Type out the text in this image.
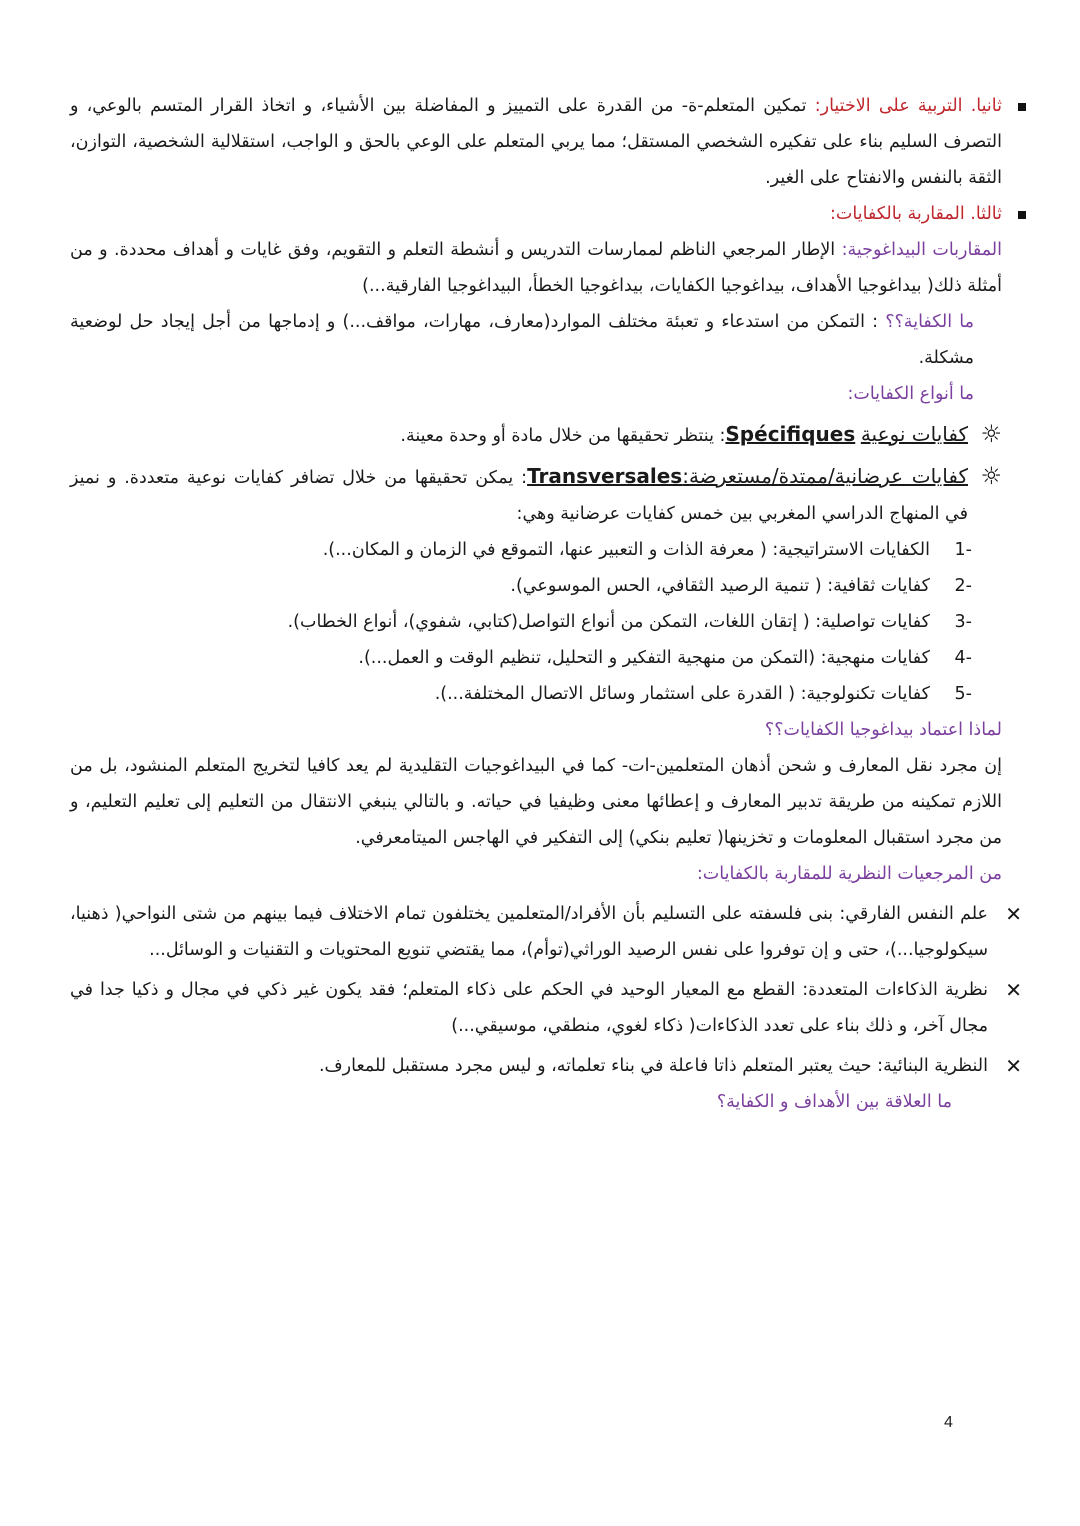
ثانيا. التربية على الاختيار: تمكين المتعلم-ة- من القدرة على التمييز و المفاضلة بين الأشياء، و اتخاذ القرار المتسم بالوعي، و التصرف السليم بناء على تفكيره الشخصي المستقل؛ مما يربي المتعلم على الوعي بالحق و الواجب، استقلالية الشخصية، التوازن، الثقة بالنفس والانفتاح على الغير.
ثالثا. المقاربة بالكفايات:
المقاربات البيداغوجية: الإطار المرجعي الناظم لممارسات التدريس و أنشطة التعلم و التقويم، وفق غايات و أهداف محددة. و من أمثلة ذلك( بيداغوجيا الأهداف، بيداغوجيا الكفايات، بيداغوجيا الخطأ، البيداغوجيا الفارقية...)
ما الكفاية؟؟ : التمكن من استدعاء و تعبئة مختلف الموارد(معارف، مهارات، مواقف...) و إدماجها من أجل إيجاد حل لوضعية مشكلة.
ما أنواع الكفايات:
☼
كفايات نوعية Spécifiques: ينتظر تحقيقها من خلال مادة أو وحدة معينة.
☼
كفايات عرضانية/ممتدة/مستعرضة:Transversales: يمكن تحقيقها من خلال تضافر كفايات نوعية متعددة. و نميز في المنهاج الدراسي المغربي بين خمس كفايات عرضانية وهي:
-1
الكفايات الاستراتيجية: ( معرفة الذات و التعبير عنها، التموقع في الزمان و المكان...).
-2
كفايات ثقافية: ( تنمية الرصيد الثقافي، الحس الموسوعي).
-3
كفايات تواصلية: ( إتقان اللغات، التمكن من أنواع التواصل(كتابي، شفوي)، أنواع الخطاب).
-4
كفايات منهجية: (التمكن من منهجية التفكير و التحليل، تنظيم الوقت و العمل...).
-5
كفايات تكنولوجية: ( القدرة على استثمار وسائل الاتصال المختلفة...).
لماذا اعتماد بيداغوجيا الكفايات؟؟
إن مجرد نقل المعارف و شحن أذهان المتعلمين-ات- كما في البيداغوجيات التقليدية لم يعد كافيا لتخريج المتعلم المنشود، بل من اللازم تمكينه من طريقة تدبير المعارف و إعطائها معنى وظيفيا في حياته. و بالتالي ينبغي الانتقال من التعليم إلى تعليم التعليم، و من مجرد استقبال المعلومات و تخزينها( تعليم بنكي) إلى التفكير في الهاجس الميتامعرفي.
من المرجعيات النظرية للمقاربة بالكفايات:
✕
علم النفس الفارقي: بنى فلسفته على التسليم بأن الأفراد/المتعلمين يختلفون تمام الاختلاف فيما بينهم من شتى النواحي( ذهنيا، سيكولوجيا...)، حتى و إن توفروا على نفس الرصيد الوراثي(توأم)، مما يقتضي تنويع المحتويات و التقنيات و الوسائل...
✕
نظرية الذكاءات المتعددة: القطع مع المعيار الوحيد في الحكم على ذكاء المتعلم؛ فقد يكون غير ذكي في مجال و ذكيا جدا في مجال آخر، و ذلك بناء على تعدد الذكاءات( ذكاء لغوي، منطقي، موسيقي...)
✕
النظرية البنائية: حيث يعتبر المتعلم ذاتا فاعلة في بناء تعلماته، و ليس مجرد مستقبل للمعارف.
ما العلاقة بين الأهداف و الكفاية؟
4
